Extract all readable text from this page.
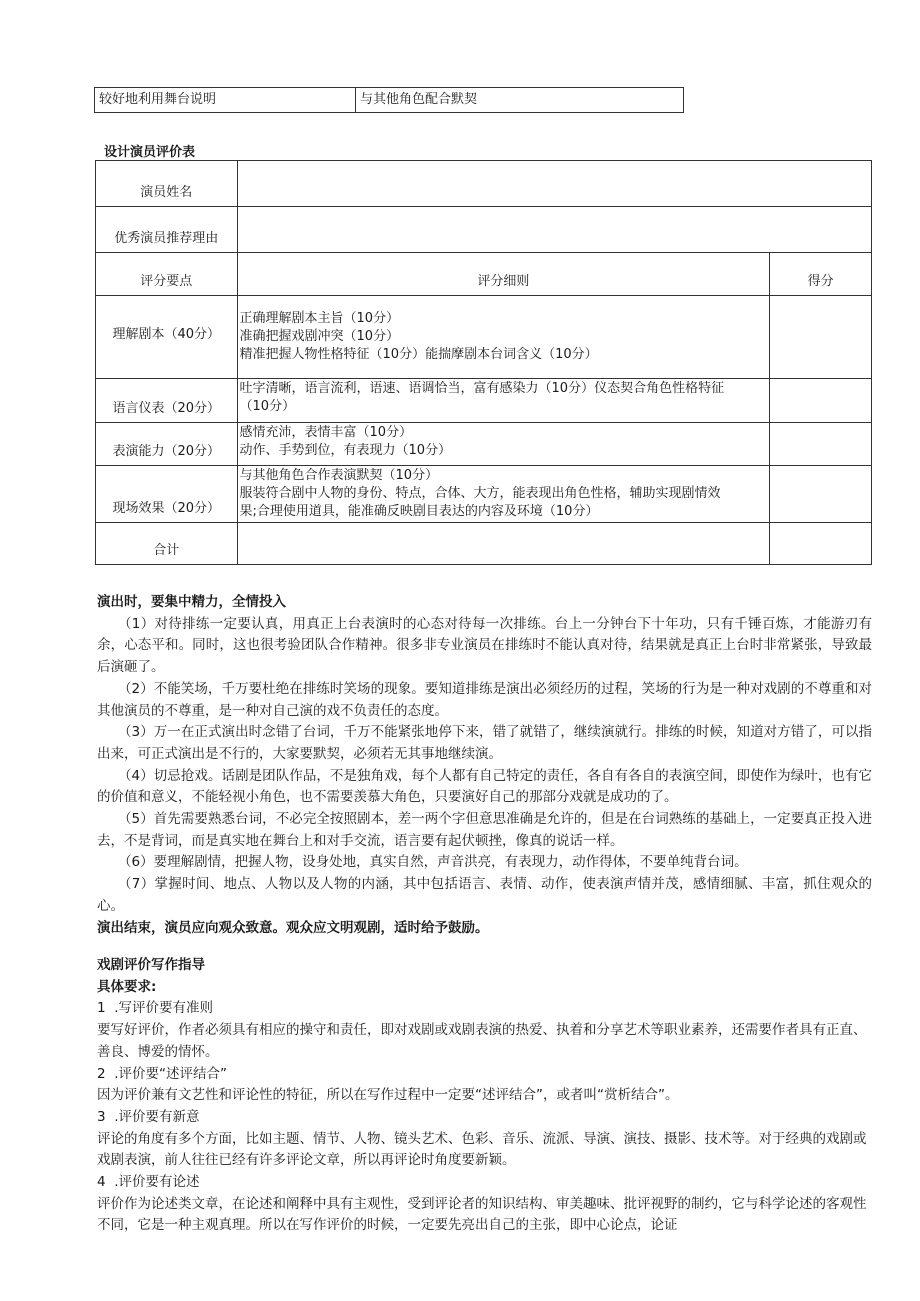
较好地利用舞台说明	与其他角色配合默契
设计演员评价表
演员姓名		
优秀演员推荐理由		
评分要点	评分细则	得分
理解剧本（40分）	正确理解剧本主旨（10分）
准确把握戏剧冲突（10分）
精准把握人物性格特征（10分）能揣摩剧本台词含义（10分）	

语言仪表（20分）	吐字清晰，语言流利，语速、语调恰当，富有感染力（10分）仪态契合角色性格特征
（10分）	

表演能力（20分）	感情充沛，表情丰富（10分）
动作、手势到位，有表现力（10分）	

现场效果（20分）	与其他角色合作表演默契（10分）
服装符合剧中人物的身份、特点，合体、大方，能表现出角色性格，辅助实现剧情效
果;合理使用道具，能准确反映剧目表达的内容及环境（10分）	

合计		

演出时，要集中精力，全情投入

（1）对待排练一定要认真，用真正上台表演时的心态对待每一次排练。台上一分钟台下十年功，只有千锤百炼，才能游刃有余，心态平和。同时，这也很考验团队合作精神。很多非专业演员在排练时不能认真对待，结果就是真正上台时非常紧张，导致最后演砸了。

（2）不能笑场，千万要杜绝在排练时笑场的现象。要知道排练是演出必须经历的过程，笑场的行为是一种对戏剧的不尊重和对其他演员的不尊重，是一种对自己演的戏不负责任的态度。

（3）万一在正式演出时念错了台词，千万不能紧张地停下来，错了就错了，继续演就行。排练的时候，知道对方错了，可以指出来，可正式演出是不行的，大家要默契，必须若无其事地继续演。

（4）切忌抢戏。话剧是团队作品，不是独角戏，每个人都有自己特定的责任，各自有各自的表演空间，即使作为绿叶，也有它的价值和意义，不能轻视小角色，也不需要羡慕大角色，只要演好自己的那部分戏就是成功的了。

（5）首先需要熟悉台词，不必完全按照剧本，差一两个字但意思准确是允许的，但是在台词熟练的基础上，一定要真正投入进去，不是背词，而是真实地在舞台上和对手交流，语言要有起伏顿挫，像真的说话一样。

（6）要理解剧情，把握人物，设身处地，真实自然，声音洪亮，有表现力，动作得体，不要单纯背台词。

（7）掌握时间、地点、人物以及人物的内涵，其中包括语言、表情、动作，使表演声情并茂，感情细腻、丰富，抓住观众的心。

演出结束，演员应向观众致意。观众应文明观剧，适时给予鼓励。

戏剧评价写作指导

具体要求:

1 .写评价要有准则

要写好评价，作者必须具有相应的操守和责任，即对戏剧或戏剧表演的热爱、执着和分享艺术等职业素养，还需要作者具有正直、善良、博爱的情怀。

2 .评价要“述评结合”

因为评价兼有文艺性和评论性的特征，所以在写作过程中一定要“述评结合”，或者叫“赏析结合”。

3 .评价要有新意

评论的角度有多个方面，比如主题、情节、人物、镜头艺术、色彩、音乐、流派、导演、演技、摄影、技术等。对于经典的戏剧或戏剧表演，前人往往已经有许多评论文章，所以再评论时角度要新颖。

4 .评价要有论述

评价作为论述类文章，在论述和阐释中具有主观性，受到评论者的知识结构、审美趣味、批评视野的制约，它与科学论述的客观性不同，它是一种主观真理。所以在写作评价的时候，一定要先亮出自己的主张，即中心论点，论证
